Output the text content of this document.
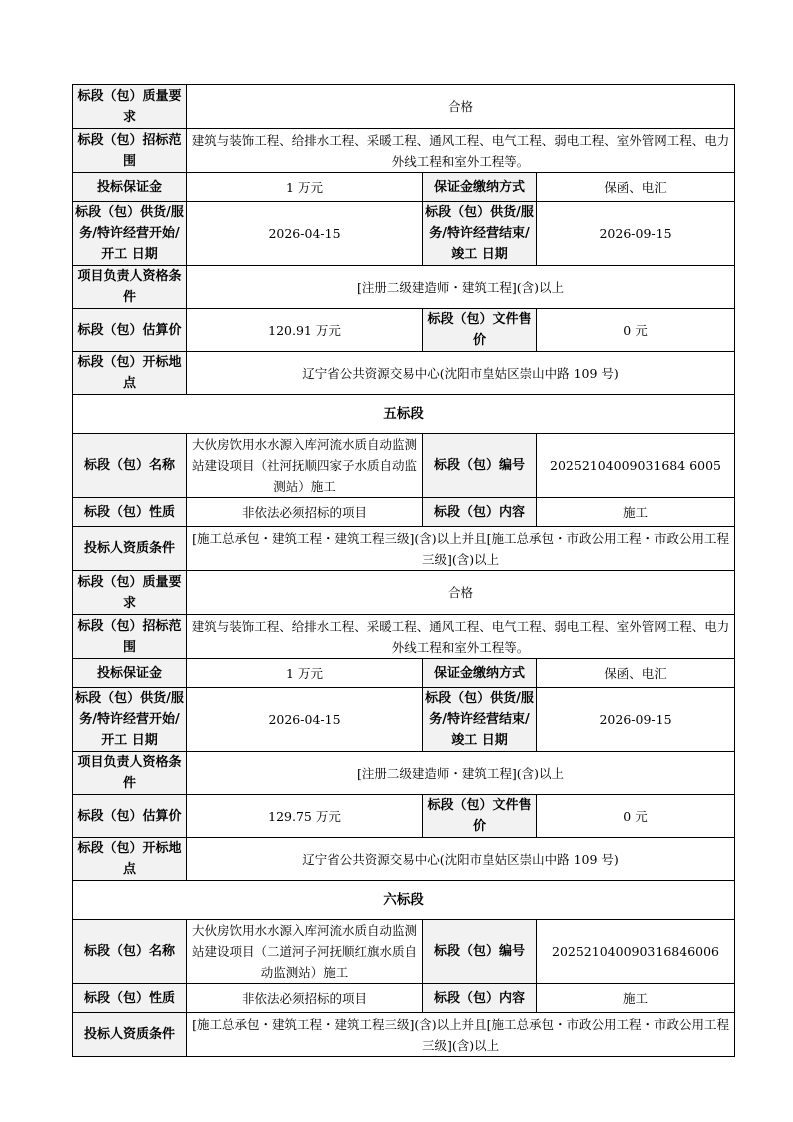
标段（包）质量要求	合格		
标段（包）招标范围	建筑与装饰工程、给排水工程、采暖工程、通风工程、电气工程、弱电工程、室外管网工程、电力外线工程和室外工程等。		
投标保证金	1 万元	保证金缴纳方式	保函、电汇
标段（包）供货/服务/特许经营开始/开工 日期	2026-04-15	标段（包）供货/服务/特许经营结束/竣工 日期	2026-09-15
项目负责人资格条件	[注册二级建造师・建筑工程](含)以上		
标段（包）估算价	120.91 万元	标段（包）文件售价	0 元
标段（包）开标地点	辽宁省公共资源交易中心(沈阳市皇姑区崇山中路 109 号)		
五标段			
标段（包）名称	大伙房饮用水水源入库河流水质自动监测站建设项目（社河抚顺四家子水质自动监测站）施工	标段（包）编号	20252104009031684 6005
标段（包）性质	非依法必须招标的项目	标段（包）内容	施工
投标人资质条件	[施工总承包・建筑工程・建筑工程三级](含)以上并且[施工总承包・市政公用工程・市政公用工程三级](含)以上		
标段（包）质量要求	合格		
标段（包）招标范围	建筑与装饰工程、给排水工程、采暖工程、通风工程、电气工程、弱电工程、室外管网工程、电力外线工程和室外工程等。		
投标保证金	1 万元	保证金缴纳方式	保函、电汇
标段（包）供货/服务/特许经营开始/开工 日期	2026-04-15	标段（包）供货/服务/特许经营结束/竣工 日期	2026-09-15
项目负责人资格条件	[注册二级建造师・建筑工程](含)以上		
标段（包）估算价	129.75 万元	标段（包）文件售价	0 元
标段（包）开标地点	辽宁省公共资源交易中心(沈阳市皇姑区崇山中路 109 号)		
六标段			
标段（包）名称	大伙房饮用水水源入库河流水质自动监测站建设项目（二道河子河抚顺红旗水质自动监测站）施工	标段（包）编号	202521040090316846006
标段（包）性质	非依法必须招标的项目	标段（包）内容	施工
投标人资质条件	[施工总承包・建筑工程・建筑工程三级](含)以上并且[施工总承包・市政公用工程・市政公用工程三级](含)以上		
